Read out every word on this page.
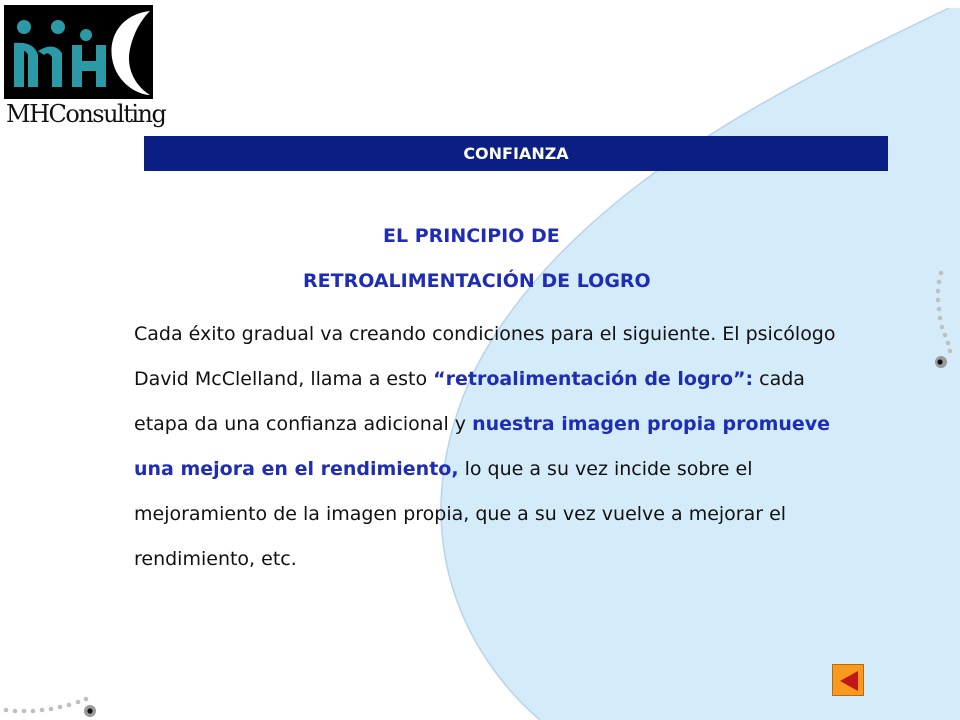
MHConsulting
CONFIANZA
EL PRINCIPIO DE
RETROALIMENTACIÓN DE LOGRO
Cada éxito gradual va creando condiciones para el siguiente. El psicólogo David McClelland, llama a esto “retroalimentación de logro”: cada etapa da una confianza adicional y nuestra imagen propia promueve una mejora en el rendimiento, lo que a su vez incide sobre el mejoramiento de la imagen propia, que a su vez vuelve a mejorar el rendimiento, etc.
